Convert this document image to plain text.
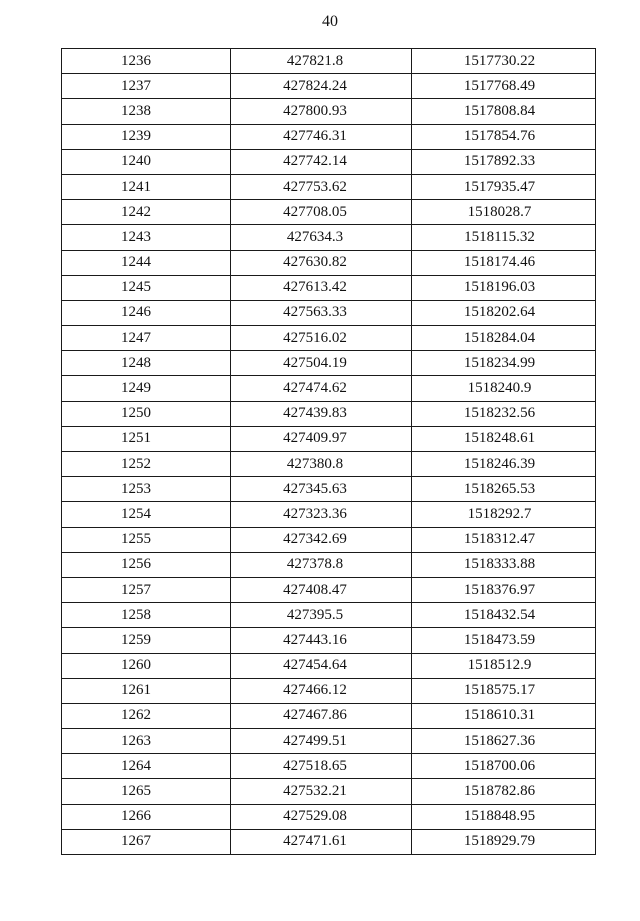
40
1236	427821.8	1517730.22
1237	427824.24	1517768.49
1238	427800.93	1517808.84
1239	427746.31	1517854.76
1240	427742.14	1517892.33
1241	427753.62	1517935.47
1242	427708.05	1518028.7
1243	427634.3	1518115.32
1244	427630.82	1518174.46
1245	427613.42	1518196.03
1246	427563.33	1518202.64
1247	427516.02	1518284.04
1248	427504.19	1518234.99
1249	427474.62	1518240.9
1250	427439.83	1518232.56
1251	427409.97	1518248.61
1252	427380.8	1518246.39
1253	427345.63	1518265.53
1254	427323.36	1518292.7
1255	427342.69	1518312.47
1256	427378.8	1518333.88
1257	427408.47	1518376.97
1258	427395.5	1518432.54
1259	427443.16	1518473.59
1260	427454.64	1518512.9
1261	427466.12	1518575.17
1262	427467.86	1518610.31
1263	427499.51	1518627.36
1264	427518.65	1518700.06
1265	427532.21	1518782.86
1266	427529.08	1518848.95
1267	427471.61	1518929.79
